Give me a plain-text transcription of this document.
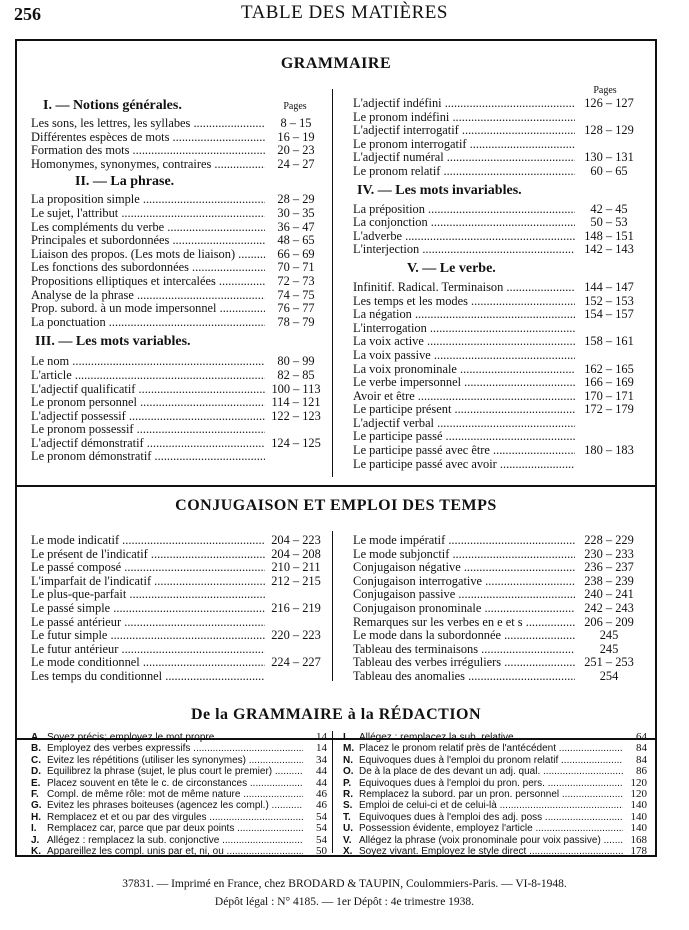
256	TABLE DES MATIÈRES
GRAMMAIRE
I. — Notions générales.	Pages
Les sons, les lettres, les syllabes .....	8 – 15
Différentes espèces de mots .....	16 – 19
Formation des mots .....	20 – 23
Homonymes, synonymes, contraires .....	24 – 27
II. — La phrase.
La proposition simple .....	28 – 29
Le sujet, l'attribut .....	30 – 35
Les compléments du verbe .....	36 – 47
Principales et subordonnées .....	48 – 65
Liaison des propos. (Les mots de liaison) .....	66 – 69
Les fonctions des subordonnées .....	70 – 71
Propositions elliptiques et intercalées .....	72 – 73
Analyse de la phrase .....	74 – 75
Prop. subord. à un mode impersonnel .....	76 – 77
La ponctuation .....	78 – 79
III. — Les mots variables.
Le nom .....	80 – 99
L'article .....	82 – 85
L'adjectif qualificatif .....	100 – 113
Le pronom personnel .....	114 – 121
L'adjectif possessif .....	122 – 123
Le pronom possessif .....
L'adjectif démonstratif .....	124 – 125
Le pronom démonstratif .....
Pages
L'adjectif indéfini .....	126 – 127
Le pronom indéfini .....
L'adjectif interrogatif .....	128 – 129
Le pronom interrogatif .....
L'adjectif numéral .....	130 – 131
Le pronom relatif .....	60 – 65
IV. — Les mots invariables.
La préposition .....	42 – 45
La conjonction .....	50 – 53
L'adverbe .....	148 – 151
L'interjection .....	142 – 143
V. — Le verbe.
Infinitif. Radical. Terminaison .....	144 – 147
Les temps et les modes .....	152 – 153
La négation .....	154 – 157
L'interrogation .....
La voix active .....	158 – 161
La voix passive .....
La voix pronominale .....	162 – 165
Le verbe impersonnel .....	166 – 169
Avoir et être .....	170 – 171
Le participe présent .....	172 – 179
L'adjectif verbal .....
Le participe passé .....
Le participe passé avec être .....	180 – 183
Le participe passé avec avoir .....
CONJUGAISON ET EMPLOI DES TEMPS
Le mode indicatif .....	204 – 223
Le présent de l'indicatif .....	204 – 208
Le passé composé .....	210 – 211
L'imparfait de l'indicatif .....	212 – 215
Le plus-que-parfait .....
Le passé simple .....	216 – 219
Le passé antérieur .....
Le futur simple .....	220 – 223
Le futur antérieur .....
Le mode conditionnel .....	224 – 227
Les temps du conditionnel .....
Le mode impératif .....	228 – 229
Le mode subjonctif .....	230 – 233
Conjugaison négative .....	236 – 237
Conjugaison interrogative .....	238 – 239
Conjugaison passive .....	240 – 241
Conjugaison pronominale .....	242 – 243
Remarques sur les verbes en e et s .....	206 – 209
Le mode dans la subordonnée .....	245
Tableau des terminaisons .....	245
Tableau des verbes irréguliers .....	251 – 253
Tableau des anomalies .....	254
De la GRAMMAIRE à la RÉDACTION
A. Soyez précis; employez le mot propre .....	14
B. Employez des verbes expressifs .....	14
C. Évitez les répétitions (utiliser les synonymes) .....	34
D. Équilibrez la phrase (sujet, le plus court le premier) .....	44
E. Placez souvent en tête le c. de circonstances .....	44
F. Compl. de même rôle: mot de même nature .....	46
G. Évitez les phrases boiteuses (agencez les compl.) .....	46
H. Remplacez et et ou par des virgules .....	54
I.	Remplacez car, parce que par deux points .....	54
J. Allégez : remplacez la sub. conjonctive .....	54
K. Appareillez les compl. unis par et, ni, ou .....	50
L. Allégez : remplacez la sub. relative .....	64
M. Placez le pronom relatif près de l'antécédent .....	84
N. Équivoques dues à l'emploi du pronom relatif .....	84
O. De à la place de des devant un adj. qual. .....	86
P. Équivoques dues à l'emploi du pron. pers. .....	120
R. Remplacez la subord. par un pron. personnel .....	120
S. Emploi de celui-ci et de celui-là .....	140
T. Équivoques dues à l'emploi des adj. poss .....	140
U. Possession évidente, employez l'article .....	140
V. Allégez la phrase (voix pronominale pour voix passive) .....	168
X. Soyez vivant. Employez le style direct .....	178
37831. — Imprimé en France, chez BRODARD & TAUPIN, Coulommiers-Paris. — VI-8-1948.
Dépôt légal : N° 4185. — 1er Dépôt : 4e trimestre 1938.
